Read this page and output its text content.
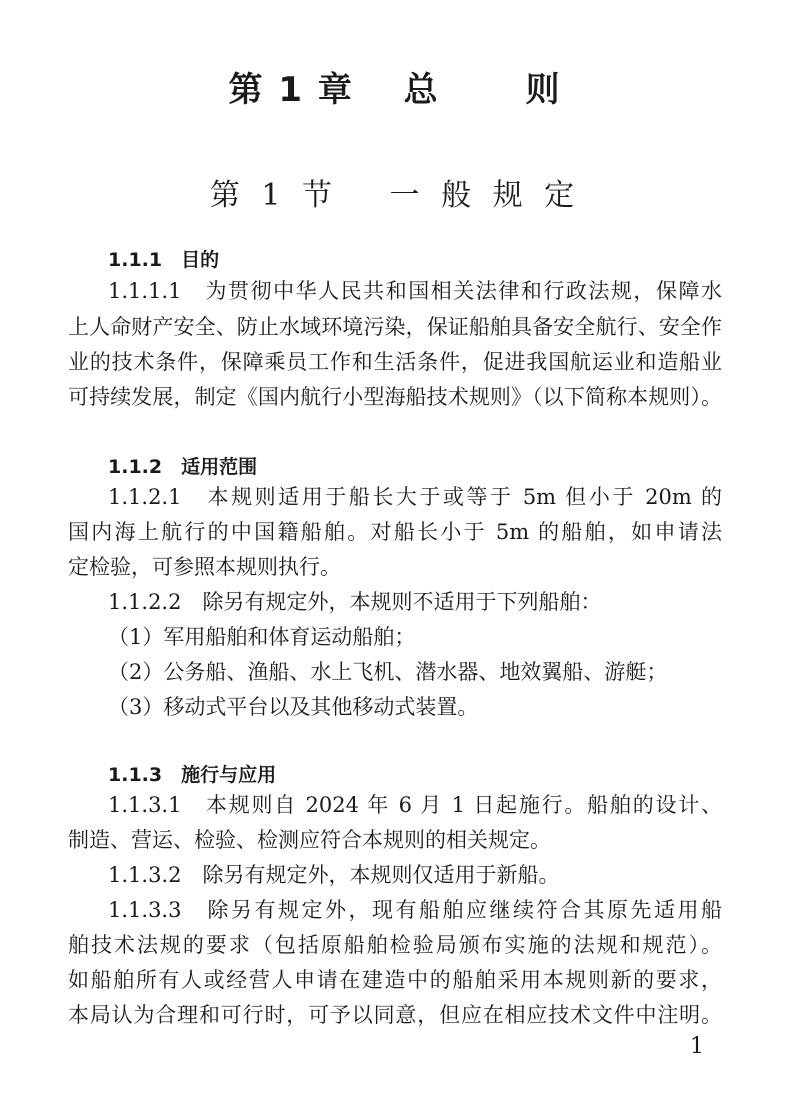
第 1 章　 总　　 则
第 1 节　 一 般 规 定
1.1.1　目的
1.1.1.1　为贯彻中华人民共和国相关法律和行政法规，保障水
上人命财产安全、防止水域环境污染，保证船舶具备安全航行、安全作
业的技术条件，保障乘员工作和生活条件，促进我国航运业和造船业
可持续发展，制定《国内航行小型海船技术规则》（以下简称本规则）。
1.1.2　适用范围
1.1.2.1　本规则适用于船长大于或等于 5m 但小于 20m 的
国内海上航行的中国籍船舶。对船长小于 5m 的船舶，如申请法
定检验，可参照本规则执行。
1.1.2.2　除另有规定外，本规则不适用于下列船舶：
（1）军用船舶和体育运动船舶；
（2）公务船、渔船、水上飞机、潜水器、地效翼船、游艇；
（3）移动式平台以及其他移动式装置。
1.1.3　施行与应用
1.1.3.1　本规则自 2024 年 6 月 1 日起施行。船舶的设计、
制造、营运、检验、检测应符合本规则的相关规定。
1.1.3.2　除另有规定外，本规则仅适用于新船。
1.1.3.3　除另有规定外，现有船舶应继续符合其原先适用船
舶技术法规的要求（包括原船舶检验局颁布实施的法规和规范）。
如船舶所有人或经营人申请在建造中的船舶采用本规则新的要求，
本局认为合理和可行时，可予以同意，但应在相应技术文件中注明。
1
